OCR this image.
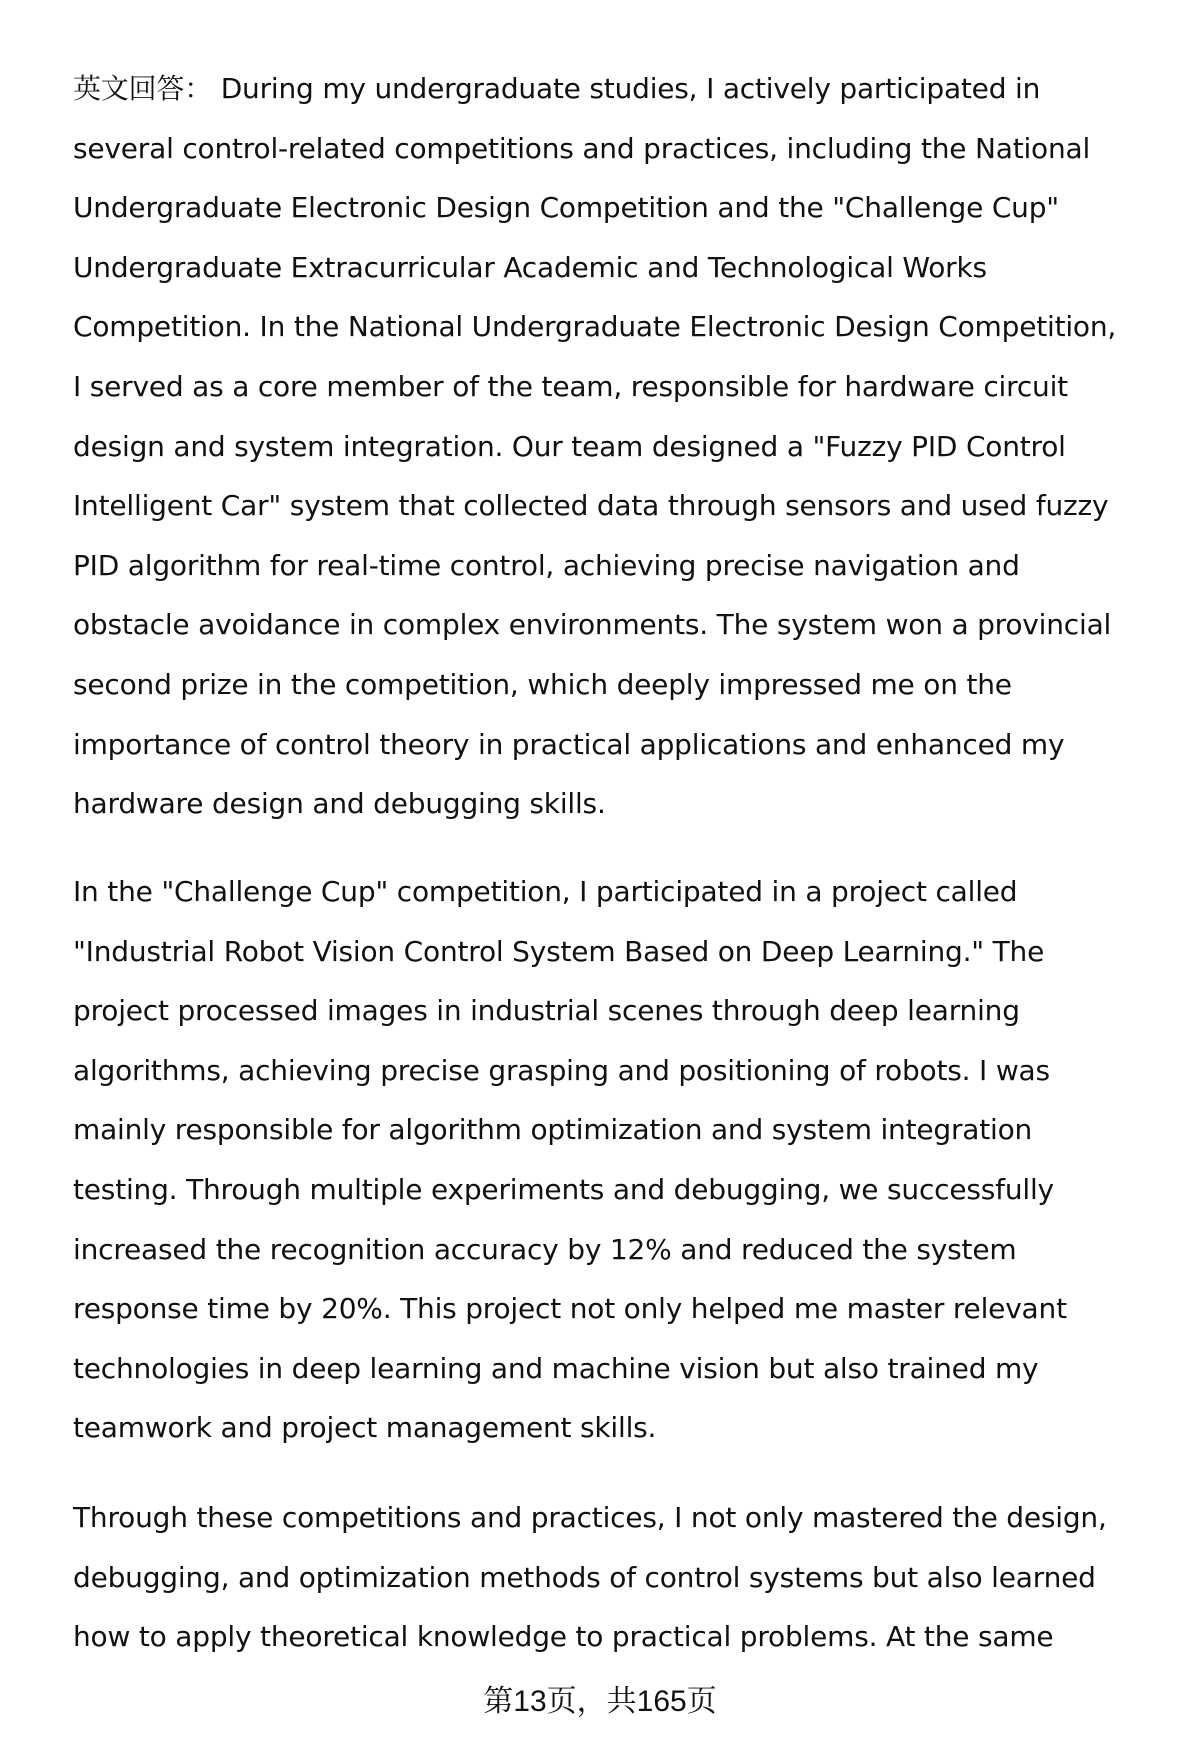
英文回答： During my undergraduate studies, I actively participated in
several control-related competitions and practices, including the National
Undergraduate Electronic Design Competition and the "Challenge Cup"
Undergraduate Extracurricular Academic and Technological Works
Competition. In the National Undergraduate Electronic Design Competition,
I served as a core member of the team, responsible for hardware circuit
design and system integration. Our team designed a "Fuzzy PID Control
Intelligent Car" system that collected data through sensors and used fuzzy
PID algorithm for real-time control, achieving precise navigation and
obstacle avoidance in complex environments. The system won a provincial
second prize in the competition, which deeply impressed me on the
importance of control theory in practical applications and enhanced my
hardware design and debugging skills.
In the "Challenge Cup" competition, I participated in a project called
"Industrial Robot Vision Control System Based on Deep Learning." The
project processed images in industrial scenes through deep learning
algorithms, achieving precise grasping and positioning of robots. I was
mainly responsible for algorithm optimization and system integration
testing. Through multiple experiments and debugging, we successfully
increased the recognition accuracy by 12% and reduced the system
response time by 20%. This project not only helped me master relevant
technologies in deep learning and machine vision but also trained my
teamwork and project management skills.
Through these competitions and practices, I not only mastered the design,
debugging, and optimization methods of control systems but also learned
how to apply theoretical knowledge to practical problems. At the same
第13页，共165页
